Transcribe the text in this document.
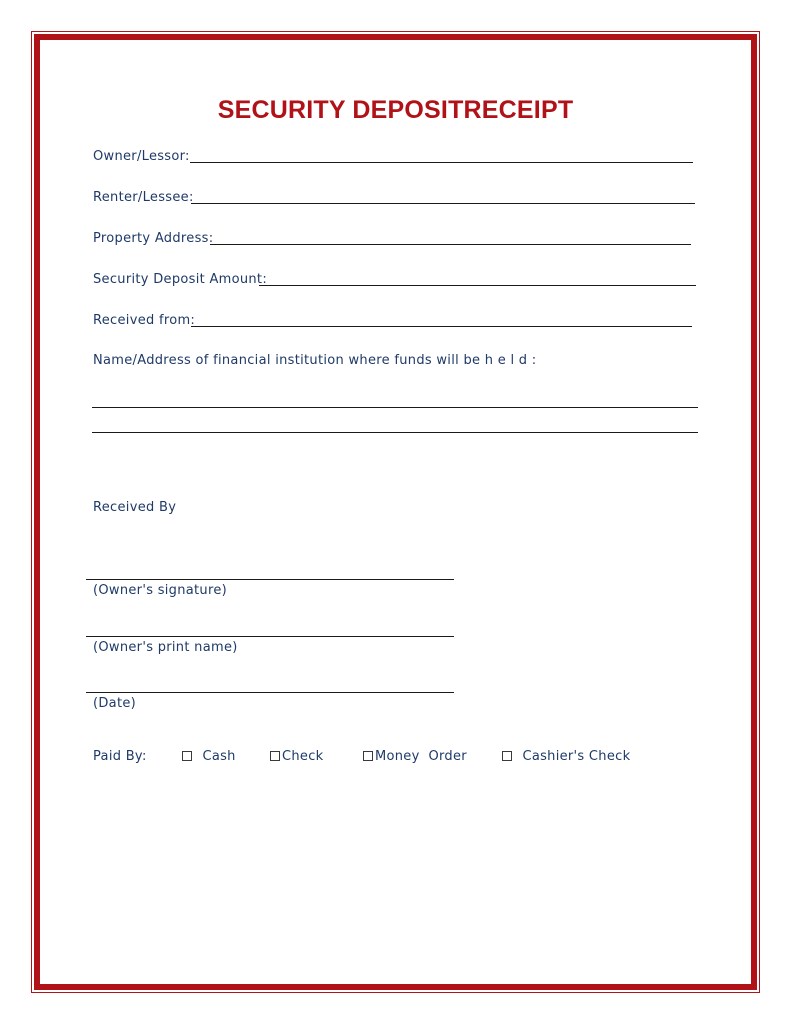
SECURITY DEPOSITRECEIPT
Owner/Lessor:
Renter/Lessee:
Property Address:
Security Deposit Amount:
Received from:
Name/Address of financial institution where funds will be h e l d :
Received By
(Owner's signature)
(Owner's print name)
(Date)
Paid By:	Cash	Check	Money  Order	Cashier's Check
